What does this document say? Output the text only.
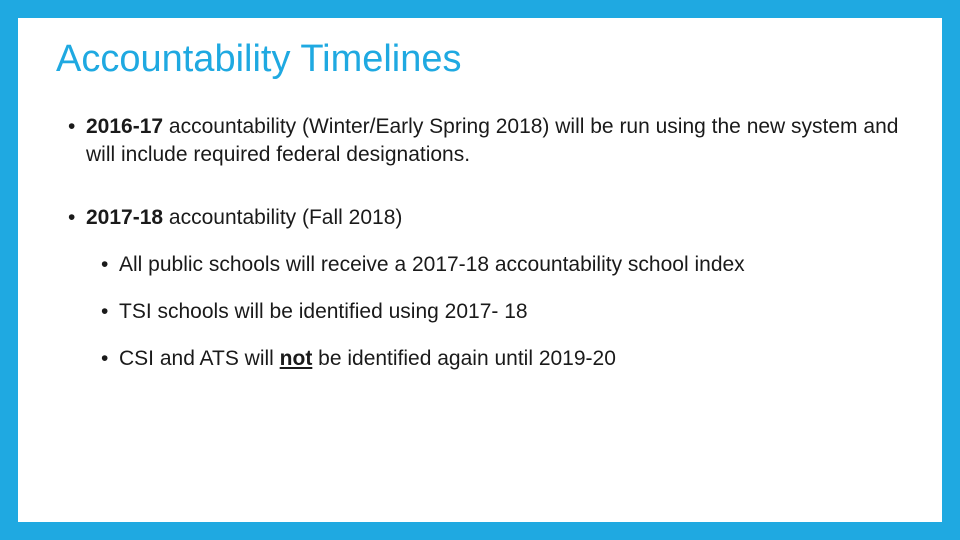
Accountability Timelines
• 2016-17 accountability (Winter/Early Spring 2018) will be run using the new system and will include required federal designations.
• 2017-18 accountability (Fall 2018)
• All public schools will receive a 2017-18 accountability school index
• TSI schools will be identified using 2017- 18
• CSI and ATS will not be identified again until 2019-20
